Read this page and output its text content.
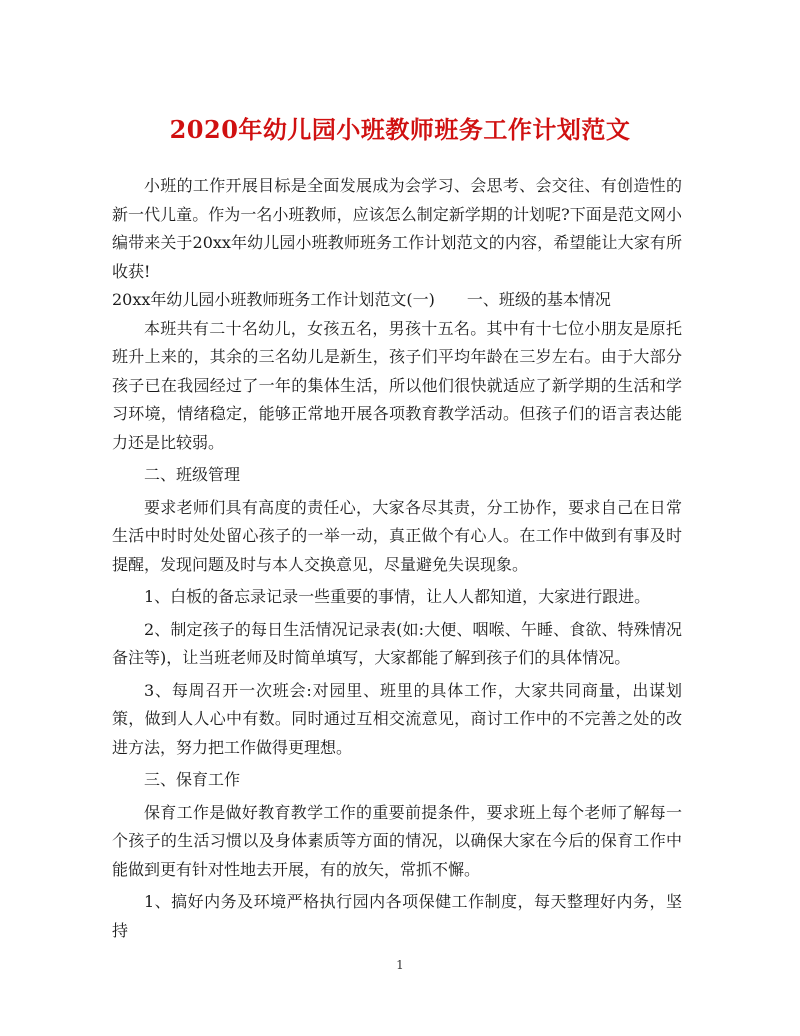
2020年幼儿园小班教师班务工作计划范文

小班的工作开展目标是全面发展成为会学习、会思考、会交往、有创造性的新一代儿童。作为一名小班教师，应该怎么制定新学期的计划呢?下面是范文网小编带来关于20xx年幼儿园小班教师班务工作计划范文的内容，希望能让大家有所收获!

20xx年幼儿园小班教师班务工作计划范文(一)　　一、班级的基本情况

本班共有二十名幼儿，女孩五名，男孩十五名。其中有十七位小朋友是原托班升上来的，其余的三名幼儿是新生，孩子们平均年龄在三岁左右。由于大部分孩子已在我园经过了一年的集体生活，所以他们很快就适应了新学期的生活和学习环境，情绪稳定，能够正常地开展各项教育教学活动。但孩子们的语言表达能力还是比较弱。

二、班级管理

要求老师们具有高度的责任心，大家各尽其责，分工协作，要求自己在日常生活中时时处处留心孩子的一举一动，真正做个有心人。在工作中做到有事及时提醒，发现问题及时与本人交换意见，尽量避免失误现象。

1、白板的备忘录记录一些重要的事情，让人人都知道，大家进行跟进。

2、制定孩子的每日生活情况记录表(如:大便、咽喉、午睡、食欲、特殊情况备注等)，让当班老师及时简单填写，大家都能了解到孩子们的具体情况。

3、每周召开一次班会:对园里、班里的具体工作，大家共同商量，出谋划策，做到人人心中有数。同时通过互相交流意见，商讨工作中的不完善之处的改进方法，努力把工作做得更理想。

三、保育工作

保育工作是做好教育教学工作的重要前提条件，要求班上每个老师了解每一个孩子的生活习惯以及身体素质等方面的情况，以确保大家在今后的保育工作中能做到更有针对性地去开展，有的放矢，常抓不懈。

1、搞好内务及环境严格执行园内各项保健工作制度，每天整理好内务，坚持

1
